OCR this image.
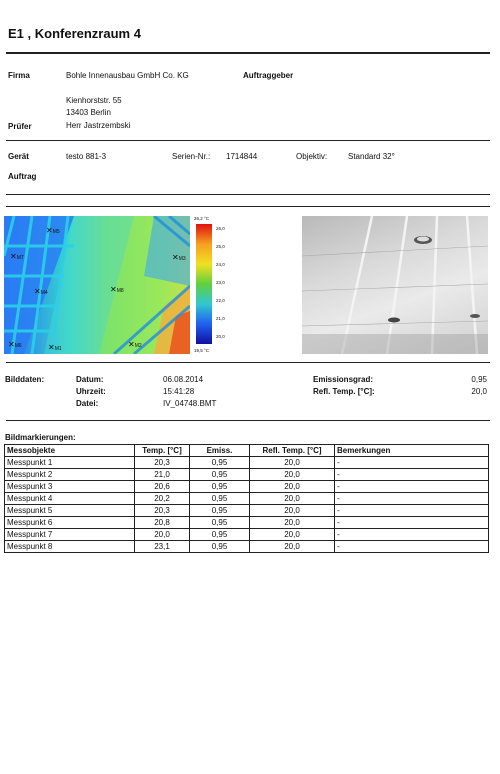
E1 , Konferenzraum 4
Firma	Bohle Innenausbau GmbH Co. KG	Auftraggeber
Kienhorststr. 55
13403 Berlin
Prüfer	Herr Jastrzembski
Gerät	testo 881-3	Serien-Nr.: 1714844	Objektiv:	Standard 32°
Auftrag
26,2 °C
19,5 °C
26,0
25,0
24,0
23,0
22,0
21,0
20,0
✕M5
✕M7
✕M4	✕M8
✕M3
✕M6	✕M1	✕M2
Bilddaten:	Datum:	06.08.2014
Uhrzeit:	15:41:28
Datei:	IV_04748.BMT
Emissionsgrad:	0,95
Refl. Temp. [°C]:	20,0
Bildmarkierungen:
Messobjekte	Temp. [°C]	Emiss.	Refl. Temp. [°C]	Bemerkungen
Messpunkt 1	20,3	0,95	20,0	-
Messpunkt 2	21,0	0,95	20,0	-
Messpunkt 3	20,6	0,95	20,0	-
Messpunkt 4	20,2	0,95	20,0	-
Messpunkt 5	20,3	0,95	20,0	-
Messpunkt 6	20,8	0,95	20,0	-
Messpunkt 7	20,0	0,95	20,0	-
Messpunkt 8	23,1	0,95	20,0	-
